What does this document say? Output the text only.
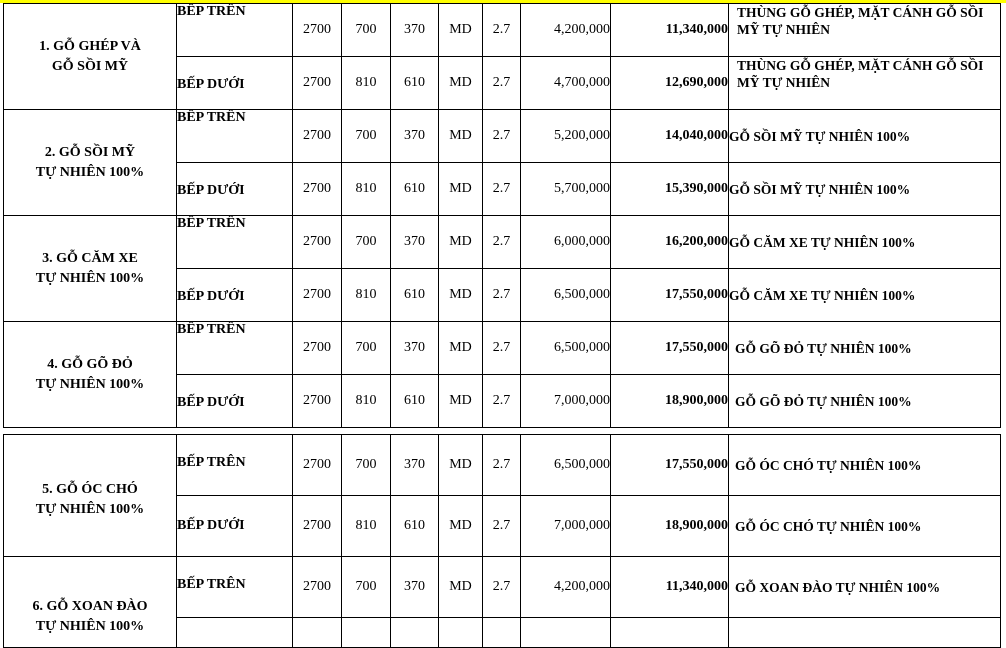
1. GỖ GHÉP VÀ
GỖ SỒI MỸ	BẾP TRÊN	2700	700	370	MD	2.7	4,200,000	11,340,000	THÙNG GỖ GHÉP, MẶT CÁNH GỖ SỒI MỸ TỰ NHIÊN
	BẾP DƯỚI	2700	810	610	MD	2.7	4,700,000	12,690,000	THÙNG GỖ GHÉP, MẶT CÁNH GỖ SỒI MỸ TỰ NHIÊN

2. GỖ SỒI MỸ
TỰ NHIÊN 100%	BẾP TRÊN	2700	700	370	MD	2.7	5,200,000	14,040,000	GỖ SỒI MỸ TỰ NHIÊN 100%
	BẾP DƯỚI	2700	810	610	MD	2.7	5,700,000	15,390,000	GỖ SỒI MỸ TỰ NHIÊN 100%

3. GỖ CĂM XE
TỰ NHIÊN 100%	BẾP TRÊN	2700	700	370	MD	2.7	6,000,000	16,200,000	GỖ CĂM XE TỰ NHIÊN 100%
	BẾP DƯỚI	2700	810	610	MD	2.7	6,500,000	17,550,000	GỖ CĂM XE TỰ NHIÊN 100%

4. GỖ GÕ ĐỎ
TỰ NHIÊN 100%	BẾP TRÊN	2700	700	370	MD	2.7	6,500,000	17,550,000	GỖ GÕ ĐỎ TỰ NHIÊN 100%
	BẾP DƯỚI	2700	810	610	MD	2.7	7,000,000	18,900,000	GỖ GÕ ĐỎ TỰ NHIÊN 100%
5. GỖ ÓC CHÓ
TỰ NHIÊN 100%	BẾP TRÊN	2700	700	370	MD	2.7	6,500,000	17,550,000	GỖ ÓC CHÓ TỰ NHIÊN 100%
	BẾP DƯỚI	2700	810	610	MD	2.7	7,000,000	18,900,000	GỖ ÓC CHÓ TỰ NHIÊN 100%

6. GỖ XOAN ĐÀO
TỰ NHIÊN 100%	BẾP TRÊN	2700	700	370	MD	2.7	4,200,000	11,340,000	GỖ XOAN ĐÀO TỰ NHIÊN 100%
